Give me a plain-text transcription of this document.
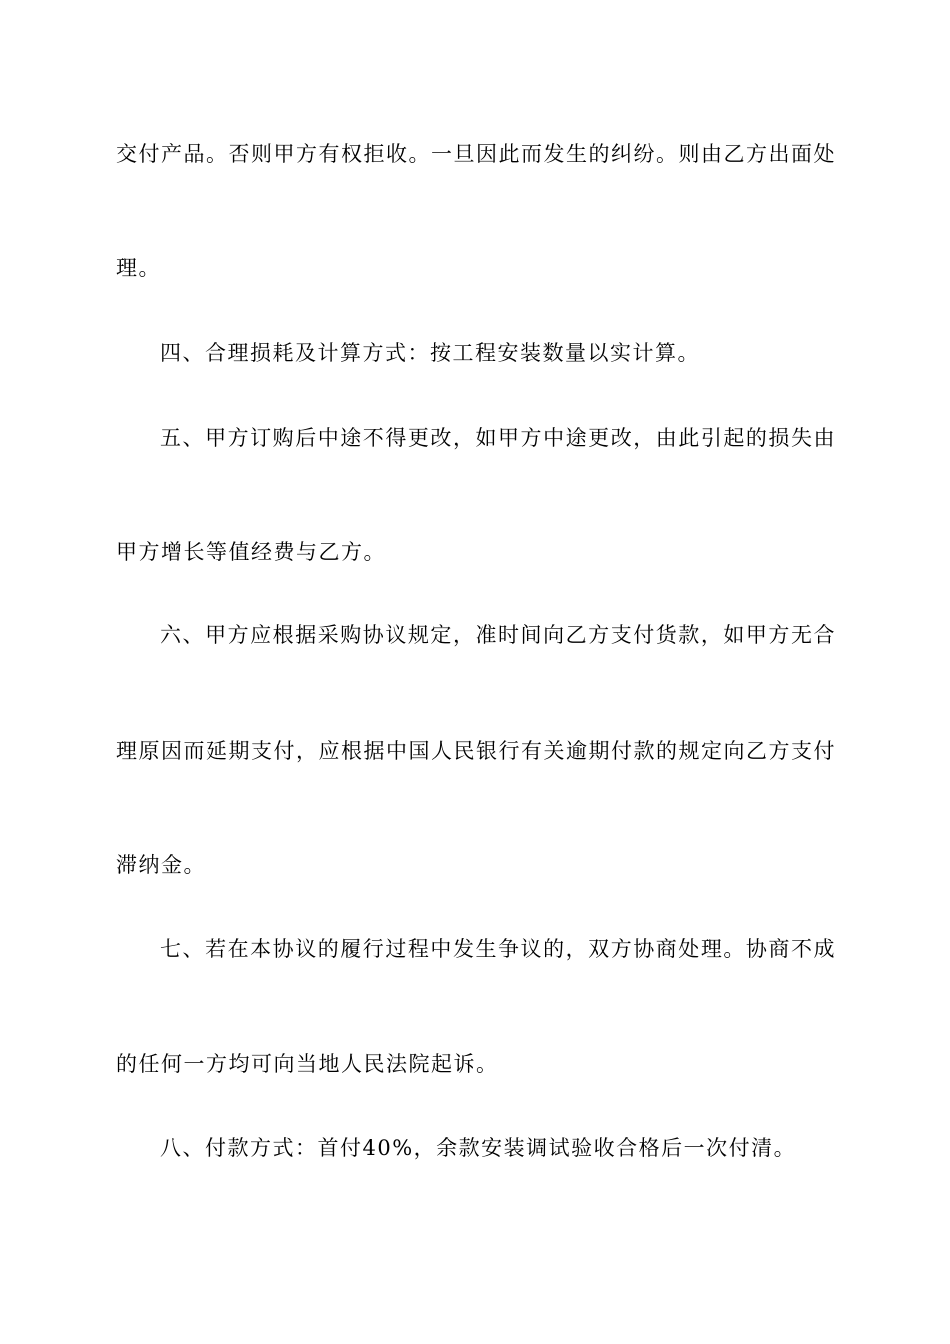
交付产品。否则甲方有权拒收。一旦因此而发生的纠纷。则由乙方出面处
理。
四、合理损耗及计算方式：按工程安装数量以实计算。
五、甲方订购后中途不得更改，如甲方中途更改，由此引起的损失由
甲方增长等值经费与乙方。
六、甲方应根据采购协议规定，准时间向乙方支付货款，如甲方无合
理原因而延期支付，应根据中国人民银行有关逾期付款的规定向乙方支付
滞纳金。
七、若在本协议的履行过程中发生争议的，双方协商处理。协商不成
的任何一方均可向当地人民法院起诉。
八、付款方式：首付40%，余款安装调试验收合格后一次付清。
